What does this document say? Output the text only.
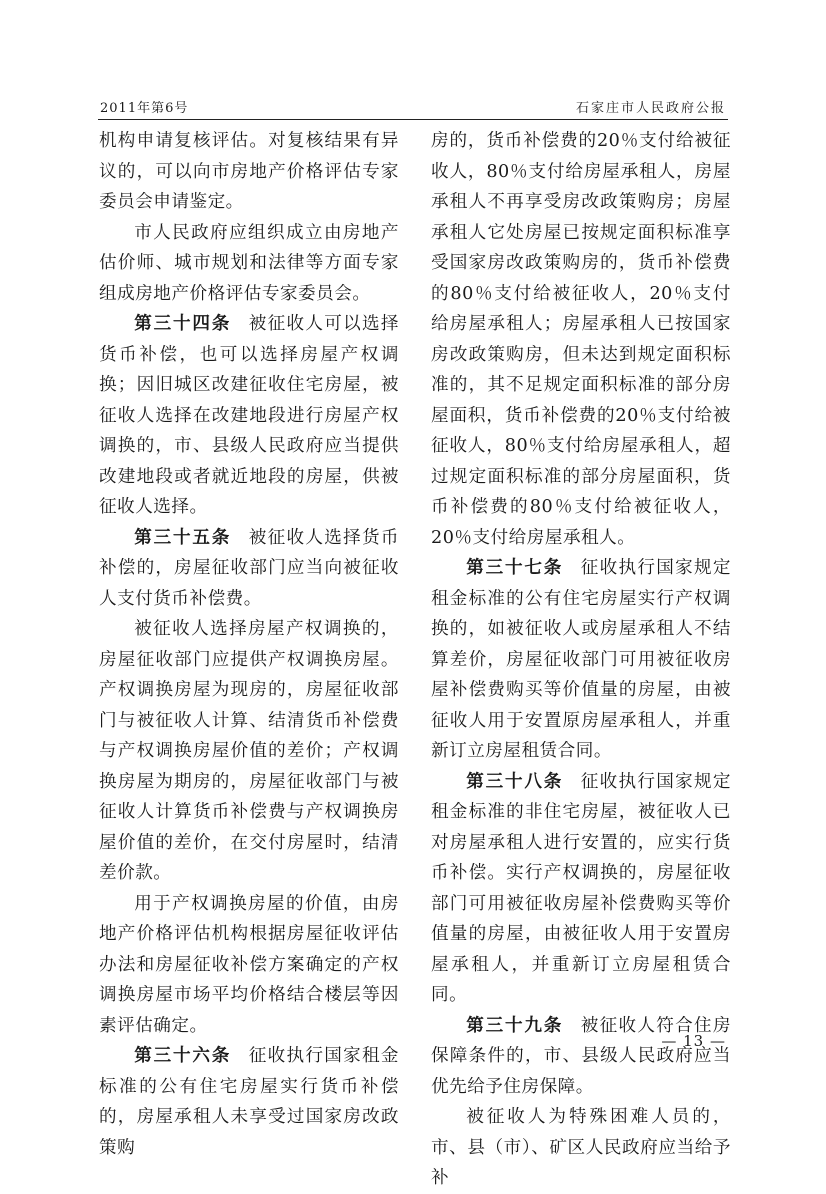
2011年第6号	石家庄市人民政府公报

机构申请复核评估。对复核结果有异议的，可以向市房地产价格评估专家委员会申请鉴定。

市人民政府应组织成立由房地产估价师、城市规划和法律等方面专家组成房地产价格评估专家委员会。

第三十四条 被征收人可以选择货币补偿，也可以选择房屋产权调换；因旧城区改建征收住宅房屋，被征收人选择在改建地段进行房屋产权调换的，市、县级人民政府应当提供改建地段或者就近地段的房屋，供被征收人选择。

第三十五条 被征收人选择货币补偿的，房屋征收部门应当向被征收人支付货币补偿费。

被征收人选择房屋产权调换的，房屋征收部门应提供产权调换房屋。产权调换房屋为现房的，房屋征收部门与被征收人计算、结清货币补偿费与产权调换房屋价值的差价；产权调换房屋为期房的，房屋征收部门与被征收人计算货币补偿费与产权调换房屋价值的差价，在交付房屋时，结清差价款。

用于产权调换房屋的价值，由房地产价格评估机构根据房屋征收评估办法和房屋征收补偿方案确定的产权调换房屋市场平均价格结合楼层等因素评估确定。

第三十六条 征收执行国家租金标准的公有住宅房屋实行货币补偿的，房屋承租人未享受过国家房改政策购

房的，货币补偿费的20％支付给被征收人，80％支付给房屋承租人，房屋承租人不再享受房改政策购房；房屋承租人它处房屋已按规定面积标准享受国家房改政策购房的，货币补偿费的80％支付给被征收人，20％支付给房屋承租人；房屋承租人已按国家房改政策购房，但未达到规定面积标准的，其不足规定面积标准的部分房屋面积，货币补偿费的20％支付给被征收人，80％支付给房屋承租人，超过规定面积标准的部分房屋面积，货币补偿费的80％支付给被征收人，20％支付给房屋承租人。

第三十七条 征收执行国家规定租金标准的公有住宅房屋实行产权调换的，如被征收人或房屋承租人不结算差价，房屋征收部门可用被征收房屋补偿费购买等价值量的房屋，由被征收人用于安置原房屋承租人，并重新订立房屋租赁合同。

第三十八条 征收执行国家规定租金标准的非住宅房屋，被征收人已对房屋承租人进行安置的，应实行货币补偿。实行产权调换的，房屋征收部门可用被征收房屋补偿费购买等价值量的房屋，由被征收人用于安置房屋承租人，并重新订立房屋租赁合同。

第三十九条 被征收人符合住房保障条件的，市、县级人民政府应当优先给予住房保障。

被征收人为特殊困难人员的，市、县（市）、矿区人民政府应当给予补

— 13 —
